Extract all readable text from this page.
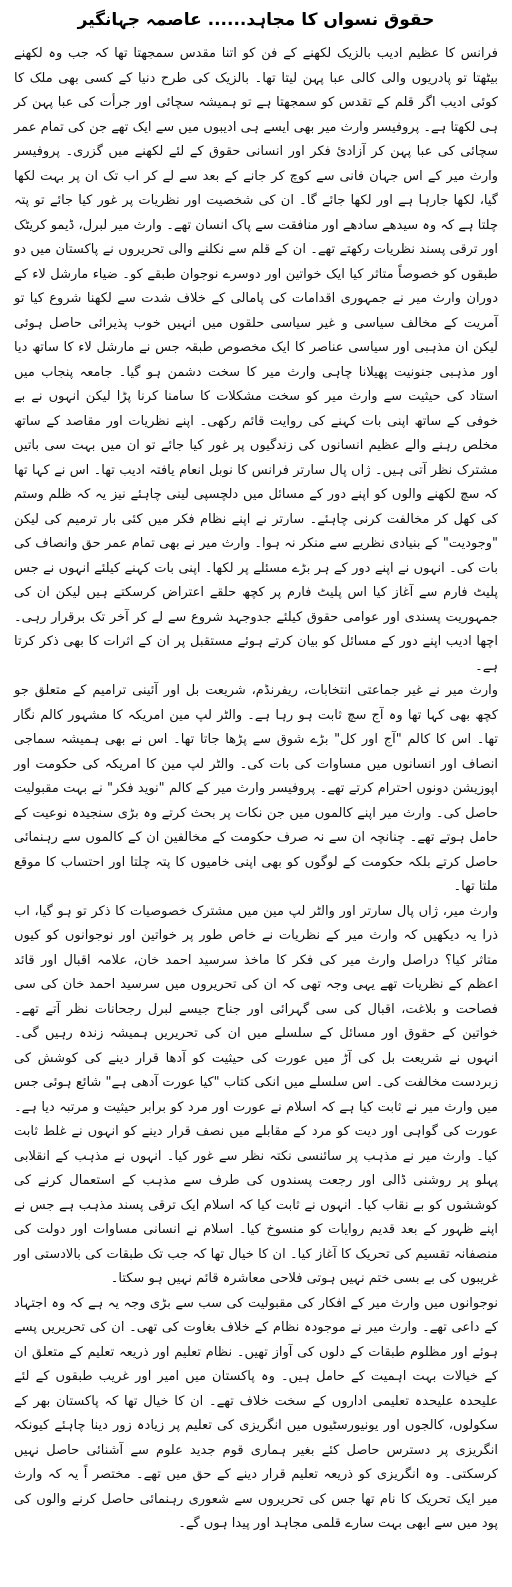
حقوق نسواں کا مجاہد...... عاصمہ جہانگیر

فرانس کا عظیم ادیب بالزیک لکھنے کے فن کو اتنا مقدس سمجھتا تھا کہ جب وہ لکھنے بیٹھتا تو پادریوں والی کالی عبا پہن لیتا تھا۔ بالزیک کی طرح دنیا کے کسی بھی ملک کا کوئی ادیب اگر قلم کے تقدس کو سمجھتا ہے تو ہمیشہ سچائی اور جرأت کی عبا پہن کر ہی لکھتا ہے۔ پروفیسر وارث میر بھی ایسے ہی ادیبوں میں سے ایک تھے جن کی تمام عمر سچائی کی عبا پہن کر آزادئ فکر اور انسانی حقوق کے لئے لکھنے میں گزری۔ پروفیسر وارث میر کے اس جہان فانی سے کوچ کر جانے کے بعد سے لے کر اب تک ان پر بہت لکھا گیا، لکھا جارہا ہے اور لکھا جائے گا۔ ان کی شخصیت اور نظریات پر غور کیا جائے تو پتہ چلتا ہے کہ وہ سیدھے سادھے اور منافقت سے پاک انسان تھے۔ وارث میر لبرل، ڈیمو کریٹک اور ترقی پسند نظریات رکھتے تھے۔ ان کے قلم سے نکلنے والی تحریروں نے پاکستان میں دو طبقوں کو خصوصاً متاثر کیا ایک خواتین اور دوسرے نوجوان طبقے کو۔ ضیاء مارشل لاء کے دوران وارث میر نے جمہوری اقدامات کی پامالی کے خلاف شدت سے لکھنا شروع کیا تو آمریت کے مخالف سیاسی و غیر سیاسی حلقوں میں انہیں خوب پذیرائی حاصل ہوئی لیکن ان مذہبی اور سیاسی عناصر کا ایک مخصوص طبقہ جس نے مارشل لاء کا ساتھ دیا اور مذہبی جنونیت پھیلانا چاہی وارث میر کا سخت دشمن ہو گیا۔ جامعہ پنجاب میں استاد کی حیثیت سے وارث میر کو سخت مشکلات کا سامنا کرنا پڑا لیکن انہوں نے بے خوفی کے ساتھ اپنی بات کہنے کی روایت قائم رکھی۔ اپنے نظریات اور مقاصد کے ساتھ مخلص رہنے والے عظیم انسانوں کی زندگیوں پر غور کیا جائے تو ان میں بہت سی باتیں مشترک نظر آتی ہیں۔ ژاں پال سارتر فرانس کا نوبل انعام یافتہ ادیب تھا۔ اس نے کہا تھا کہ سچ لکھنے والوں کو اپنے دور کے مسائل میں دلچسپی لینی چاہئے نیز یہ کہ ظلم وستم کی کھل کر مخالفت کرنی چاہئے۔ سارتر نے اپنے نظام فکر میں کئی بار ترمیم کی لیکن "وجودیت" کے بنیادی نظریے سے منکر نہ ہوا۔ وارث میر نے بھی تمام عمر حق وانصاف کی بات کی۔ انہوں نے اپنے دور کے ہر بڑے مسئلے پر لکھا۔ اپنی بات کہنے کیلئے انہوں نے جس پلیٹ فارم سے آغاز کیا اس پلیٹ فارم پر کچھ حلقے اعتراض کرسکتے ہیں لیکن ان کی جمہوریت پسندی اور عوامی حقوق کیلئے جدوجہد شروع سے لے کر آخر تک برقرار رہی۔ اچھا ادیب اپنے دور کے مسائل کو بیان کرتے ہوئے مستقبل پر ان کے اثرات کا بھی ذکر کرتا ہے۔

وارث میر نے غیر جماعتی انتخابات، ریفرنڈم، شریعت بل اور آئینی ترامیم کے متعلق جو کچھ بھی کہا تھا وہ آج سچ ثابت ہو رہا ہے۔ والٹر لپ مین امریکہ کا مشہور کالم نگار تھا۔ اس کا کالم "آج اور کل" بڑے شوق سے پڑھا جاتا تھا۔ اس نے بھی ہمیشہ سماجی انصاف اور انسانوں میں مساوات کی بات کی۔ والٹر لپ مین کا امریکہ کی حکومت اور اپوزیشن دونوں احترام کرتے تھے۔ پروفیسر وارث میر کے کالم "نوید فکر" نے بہت مقبولیت حاصل کی۔ وارث میر اپنے کالموں میں جن نکات پر بحث کرتے وہ بڑی سنجیدہ نوعیت کے حامل ہوتے تھے۔ چنانچہ ان سے نہ صرف حکومت کے مخالفین ان کے کالموں سے رہنمائی حاصل کرتے بلکہ حکومت کے لوگوں کو بھی اپنی خامیوں کا پتہ چلتا اور احتساب کا موقع ملتا تھا۔

وارث میر، ژاں پال سارتر اور والٹر لپ مین میں مشترک خصوصیات کا ذکر تو ہو گیا، اب ذرا یہ دیکھیں کہ وارث میر کے نظریات نے خاص طور پر خواتین اور نوجوانوں کو کیوں متاثر کیا؟ دراصل وارث میر کی فکر کا ماخذ سرسید احمد خان، علامہ اقبال اور قائد اعظم کے نظریات تھے یہی وجہ تھی کہ ان کی تحریروں میں سرسید احمد خان کی سی فصاحت و بلاغت، اقبال کی سی گہرائی اور جناح جیسے لبرل رجحانات نظر آتے تھے۔ خواتین کے حقوق اور مسائل کے سلسلے میں ان کی تحریریں ہمیشہ زندہ رہیں گی۔ انہوں نے شریعت بل کی آڑ میں عورت کی حیثیت کو آدھا قرار دینے کی کوشش کی زبردست مخالفت کی۔ اس سلسلے میں انکی کتاب "کیا عورت آدھی ہے" شائع ہوئی جس میں وارث میر نے ثابت کیا ہے کہ اسلام نے عورت اور مرد کو برابر حیثیت و مرتبہ دیا ہے۔ عورت کی گواہی اور دیت کو مرد کے مقابلے میں نصف قرار دینے کو انہوں نے غلط ثابت کیا۔ وارث میر نے مذہب پر سائنسی نکتہ نظر سے غور کیا۔ انہوں نے مذہب کے انقلابی پہلو پر روشنی ڈالی اور رجعت پسندوں کی طرف سے مذہب کے استعمال کرنے کی کوششوں کو بے نقاب کیا۔ انہوں نے ثابت کیا کہ اسلام ایک ترقی پسند مذہب ہے جس نے اپنے ظہور کے بعد قدیم روایات کو منسوخ کیا۔ اسلام نے انسانی مساوات اور دولت کی منصفانہ تقسیم کی تحریک کا آغاز کیا۔ ان کا خیال تھا کہ جب تک طبقات کی بالادستی اور غریبوں کی بے بسی ختم نہیں ہوتی فلاحی معاشرہ قائم نہیں ہو سکتا۔

نوجوانوں میں وارث میر کے افکار کی مقبولیت کی سب سے بڑی وجہ یہ ہے کہ وہ اجتہاد کے داعی تھے۔ وارث میر نے موجودہ نظام کے خلاف بغاوت کی تھی۔ ان کی تحریریں پسے ہوئے اور مظلوم طبقات کے دلوں کی آواز تھیں۔ نظام تعلیم اور ذریعہ تعلیم کے متعلق ان کے خیالات بہت اہمیت کے حامل ہیں۔ وہ پاکستان میں امیر اور غریب طبقوں کے لئے علیحدہ علیحدہ تعلیمی اداروں کے سخت خلاف تھے۔ ان کا خیال تھا کہ پاکستان بھر کے سکولوں، کالجوں اور یونیورسٹیوں میں انگریزی کی تعلیم پر زیادہ زور دینا چاہئے کیونکہ انگریزی پر دسترس حاصل کئے بغیر ہماری قوم جدید علوم سے آشنائی حاصل نہیں کرسکتی۔ وہ انگریزی کو ذریعہ تعلیم قرار دینے کے حق میں تھے۔ مختصر اً یہ کہ وارث میر ایک تحریک کا نام تھا جس کی تحریروں سے شعوری رہنمائی حاصل کرنے والوں کی پود میں سے ابھی بہت سارے قلمی مجاہد اور پیدا ہوں گے۔
